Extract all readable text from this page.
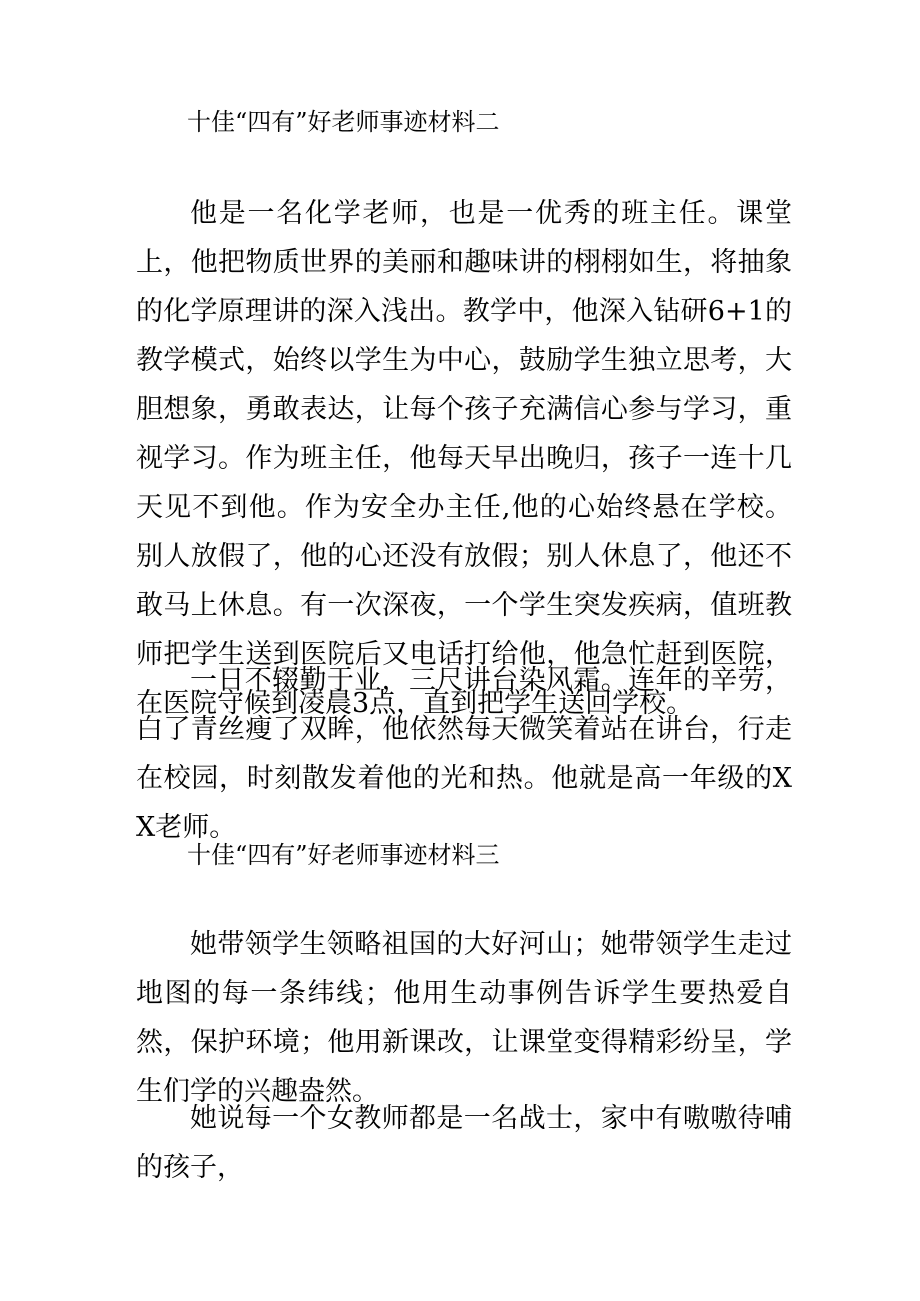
十佳“四有”好老师事迹材料二

他是一名化学老师，也是一优秀的班主任。课堂上，他把物质世界的美丽和趣味讲的栩栩如生，将抽象的化学原理讲的深入浅出。教学中，他深入钻研6+1的教学模式，始终以学生为中心，鼓励学生独立思考，大胆想象，勇敢表达，让每个孩子充满信心参与学习，重视学习。作为班主任，他每天早出晚归，孩子一连十几天见不到他。作为安全办主任,他的心始终悬在学校。别人放假了，他的心还没有放假；别人休息了，他还不敢马上休息。有一次深夜，一个学生突发疾病，值班教师把学生送到医院后又电话打给他，他急忙赶到医院，在医院守候到凌晨3点，直到把学生送回学校。

一日不辍勤于业，三尺讲台染风霜。连年的辛劳，白了青丝瘦了双眸，他依然每天微笑着站在讲台，行走在校园，时刻散发着他的光和热。他就是高一年级的XX老师。

十佳“四有”好老师事迹材料三

她带领学生领略祖国的大好河山；她带领学生走过地图的每一条纬线；他用生动事例告诉学生要热爱自然，保护环境；他用新课改，让课堂变得精彩纷呈，学生们学的兴趣盎然。

她说每一个女教师都是一名战士，家中有嗷嗷待哺的孩子，
